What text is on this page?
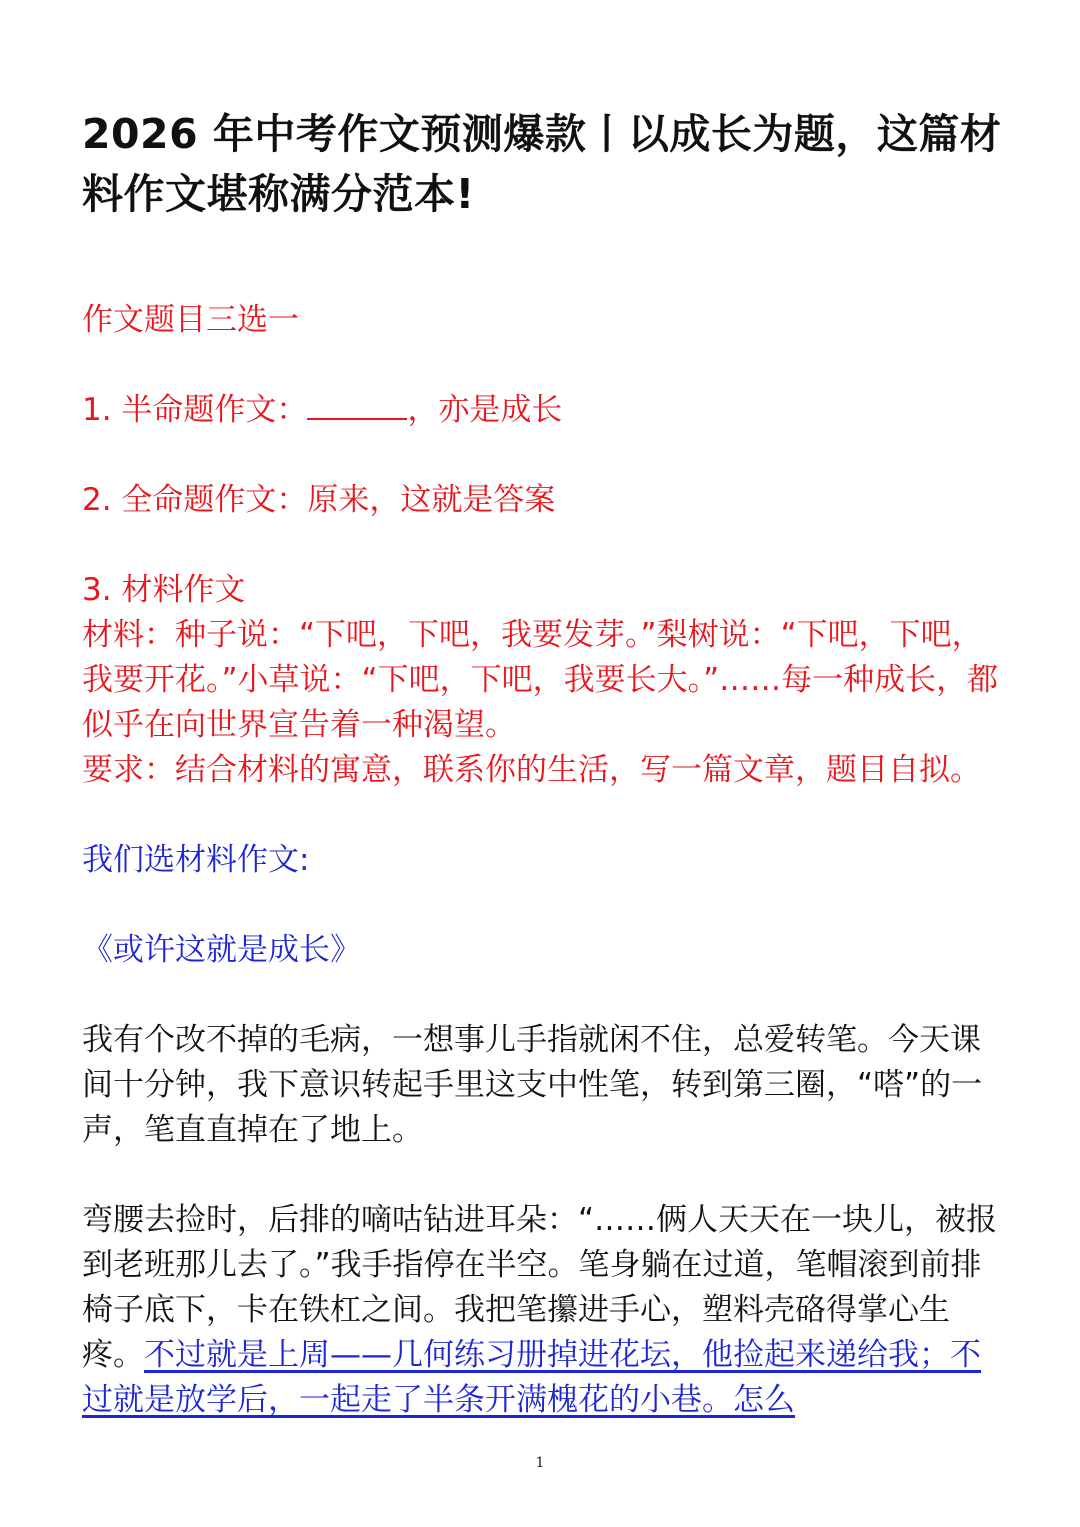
2026 年中考作文预测爆款丨以成长为题，这篇材料作文堪称满分范本!

作文题目三选一

1. 半命题作文：	，亦是成长

2. 全命题作文：原来，这就是答案

3. 材料作文

材料：种子说：“下吧，下吧，我要发芽。”梨树说：“下吧，下吧，我要开花。”小草说：“下吧，下吧，我要长大。”……每一种成长，都似乎在向世界宣告着一种渴望。

要求：结合材料的寓意，联系你的生活，写一篇文章，题目自拟。

我们选材料作文:

《或许这就是成长》

我有个改不掉的毛病，一想事儿手指就闲不住，总爱转笔。今天课间十分钟，我下意识转起手里这支中性笔，转到第三圈，“嗒”的一声，笔直直掉在了地上。

弯腰去捡时，后排的嘀咕钻进耳朵：“……俩人天天在一块儿，被报到老班那儿去了。”我手指停在半空。笔身躺在过道，笔帽滚到前排椅子底下，卡在铁杠之间。我把笔攥进手心，塑料壳硌得掌心生疼。不过就是上周——几何练习册掉进花坛，他捡起来递给我；不过就是放学后，一起走了半条开满槐花的小巷。怎么

1
